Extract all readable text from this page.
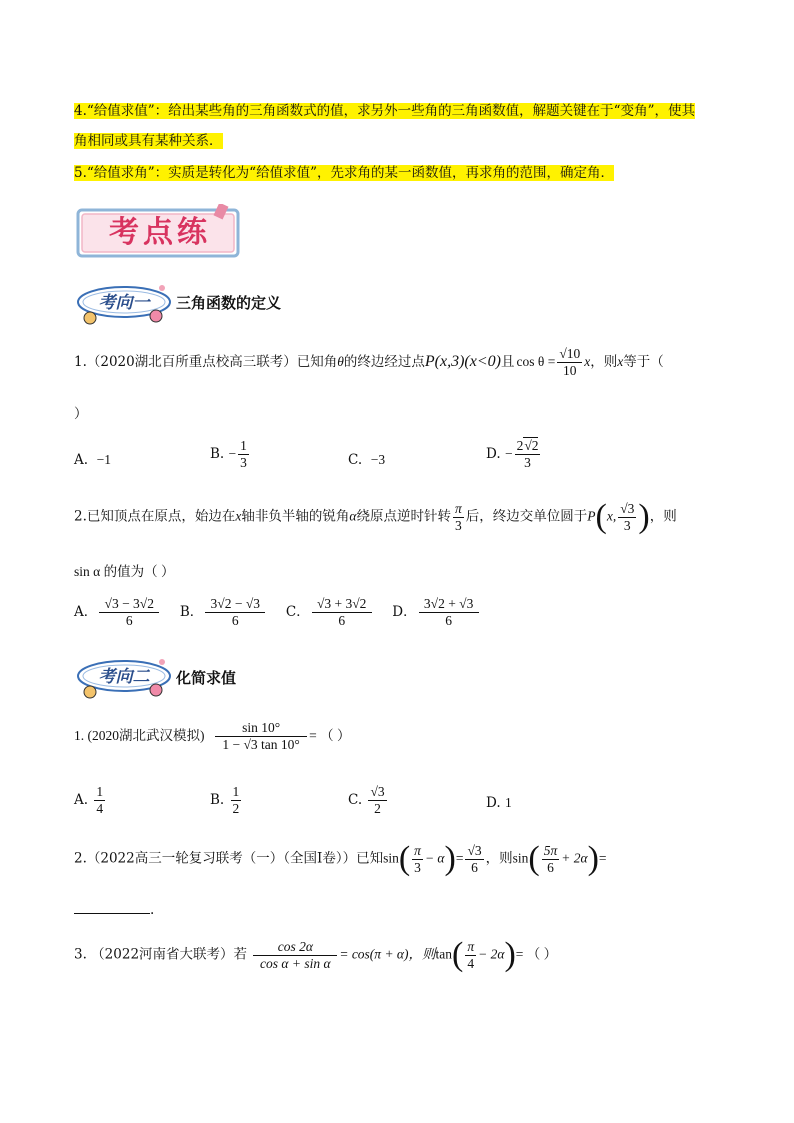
4.“给值求值”：给出某些角的三角函数式的值，求另外一些角的三角函数值，解题关键在于“变角”，使其
角相同或具有某种关系．
5.“给值求角”：实质是转化为“给值求值”，先求角的某一函数值，再求角的范围，确定角．
考点练
考向一	三角函数的定义
1.（2020湖北百所重点校高三联考）已知角θ的终边经过点P(x,3)(x<0)且 $\cos \theta = \frac{√10}{10}$ x，则x等于（
）
A. −1	B. − $\frac{1}{3}$	C. −3	D. − $\frac{2√2}{3}$
2.已知顶点在原点，始边在x轴非负半轴的锐角α绕原点逆时针转 $\frac{\pi}{3}$ 后，终边交单位圆于P(x, $\frac{√3}{3}$ )，则
sin α 的值为（ ）
A． $\frac{√3 - 3√2}{6}$ B． $\frac{3√2 - √3}{6}$ C． $\frac{√3 + 3√2}{6}$ D． $\frac{3√2 + √3}{6}$
考向二	化简求值
1. (2020湖北武汉模拟) $\frac{\sin 10^\circ}{1 - √3 \tan 10^\circ}$ = （ ）
A. $\frac{1}{4}$	B. $\frac{1}{2}$	C. $\frac{√3}{2}$	D. 1
2.（2022高三一轮复习联考（一）（全国Ⅰ卷））已知$\sin( \frac{\pi}{3} - \alpha)= \frac{√3}{6}$ ，则$\sin( \frac{5\pi}{6} + 2\alpha)=$
.
3. （2022河南省大联考）若 $\frac{\cos 2\alpha}{\text{cos α + sin α}} = \cos(\pi + \alpha)$，则$\tan( \frac{\pi}{4} - 2\alpha)=$ （ ）
